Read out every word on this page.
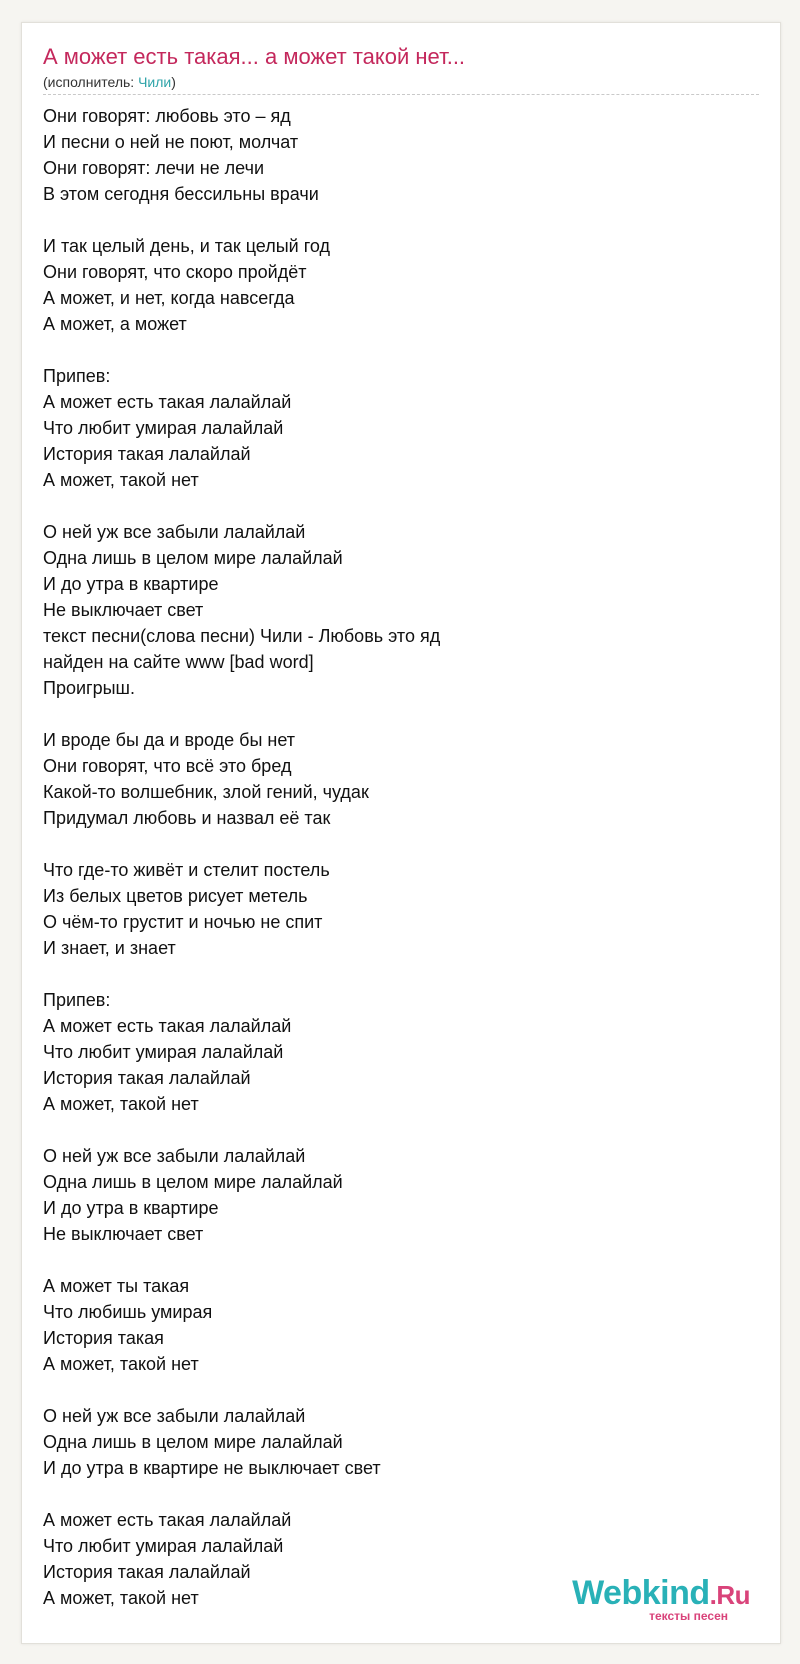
А может есть такая... а может такой нет...
(исполнитель: Чили)
Они говорят: любовь это – яд
И песни о ней не поют, молчат
Они говорят: лечи не лечи
В этом сегодня бессильны врачи
И так целый день, и так целый год
Они говорят, что скоро пройдёт
А может, и нет, когда навсегда
А может, а может
Припев:
А может есть такая лалайлай
Что любит умирая лалайлай
История такая лалайлай
А может, такой нет
О ней уж все забыли лалайлай
Одна лишь в целом мире лалайлай
И до утра в квартире
Не выключает свет
текст песни(слова песни) Чили - Любовь это яд
найден на сайте www [bad word]
Проигрыш.
И вроде бы да и вроде бы нет
Они говорят, что всё это бред
Какой-то волшебник, злой гений, чудак
Придумал любовь и назвал её так
Что где-то живёт и стелит постель
Из белых цветов рисует метель
О чём-то грустит и ночью не спит
И знает, и знает
Припев:
А может есть такая лалайлай
Что любит умирая лалайлай
История такая лалайлай
А может, такой нет
О ней уж все забыли лалайлай
Одна лишь в целом мире лалайлай
И до утра в квартире
Не выключает свет
А может ты такая
Что любишь умирая
История такая
А может, такой нет
О ней уж все забыли лалайлай
Одна лишь в целом мире лалайлай
И до утра в квартире не выключает свет
А может есть такая лалайлай
Что любит умирая лалайлай
История такая лалайлай
А может, такой нет	Webkind.Ru
тексты песен
